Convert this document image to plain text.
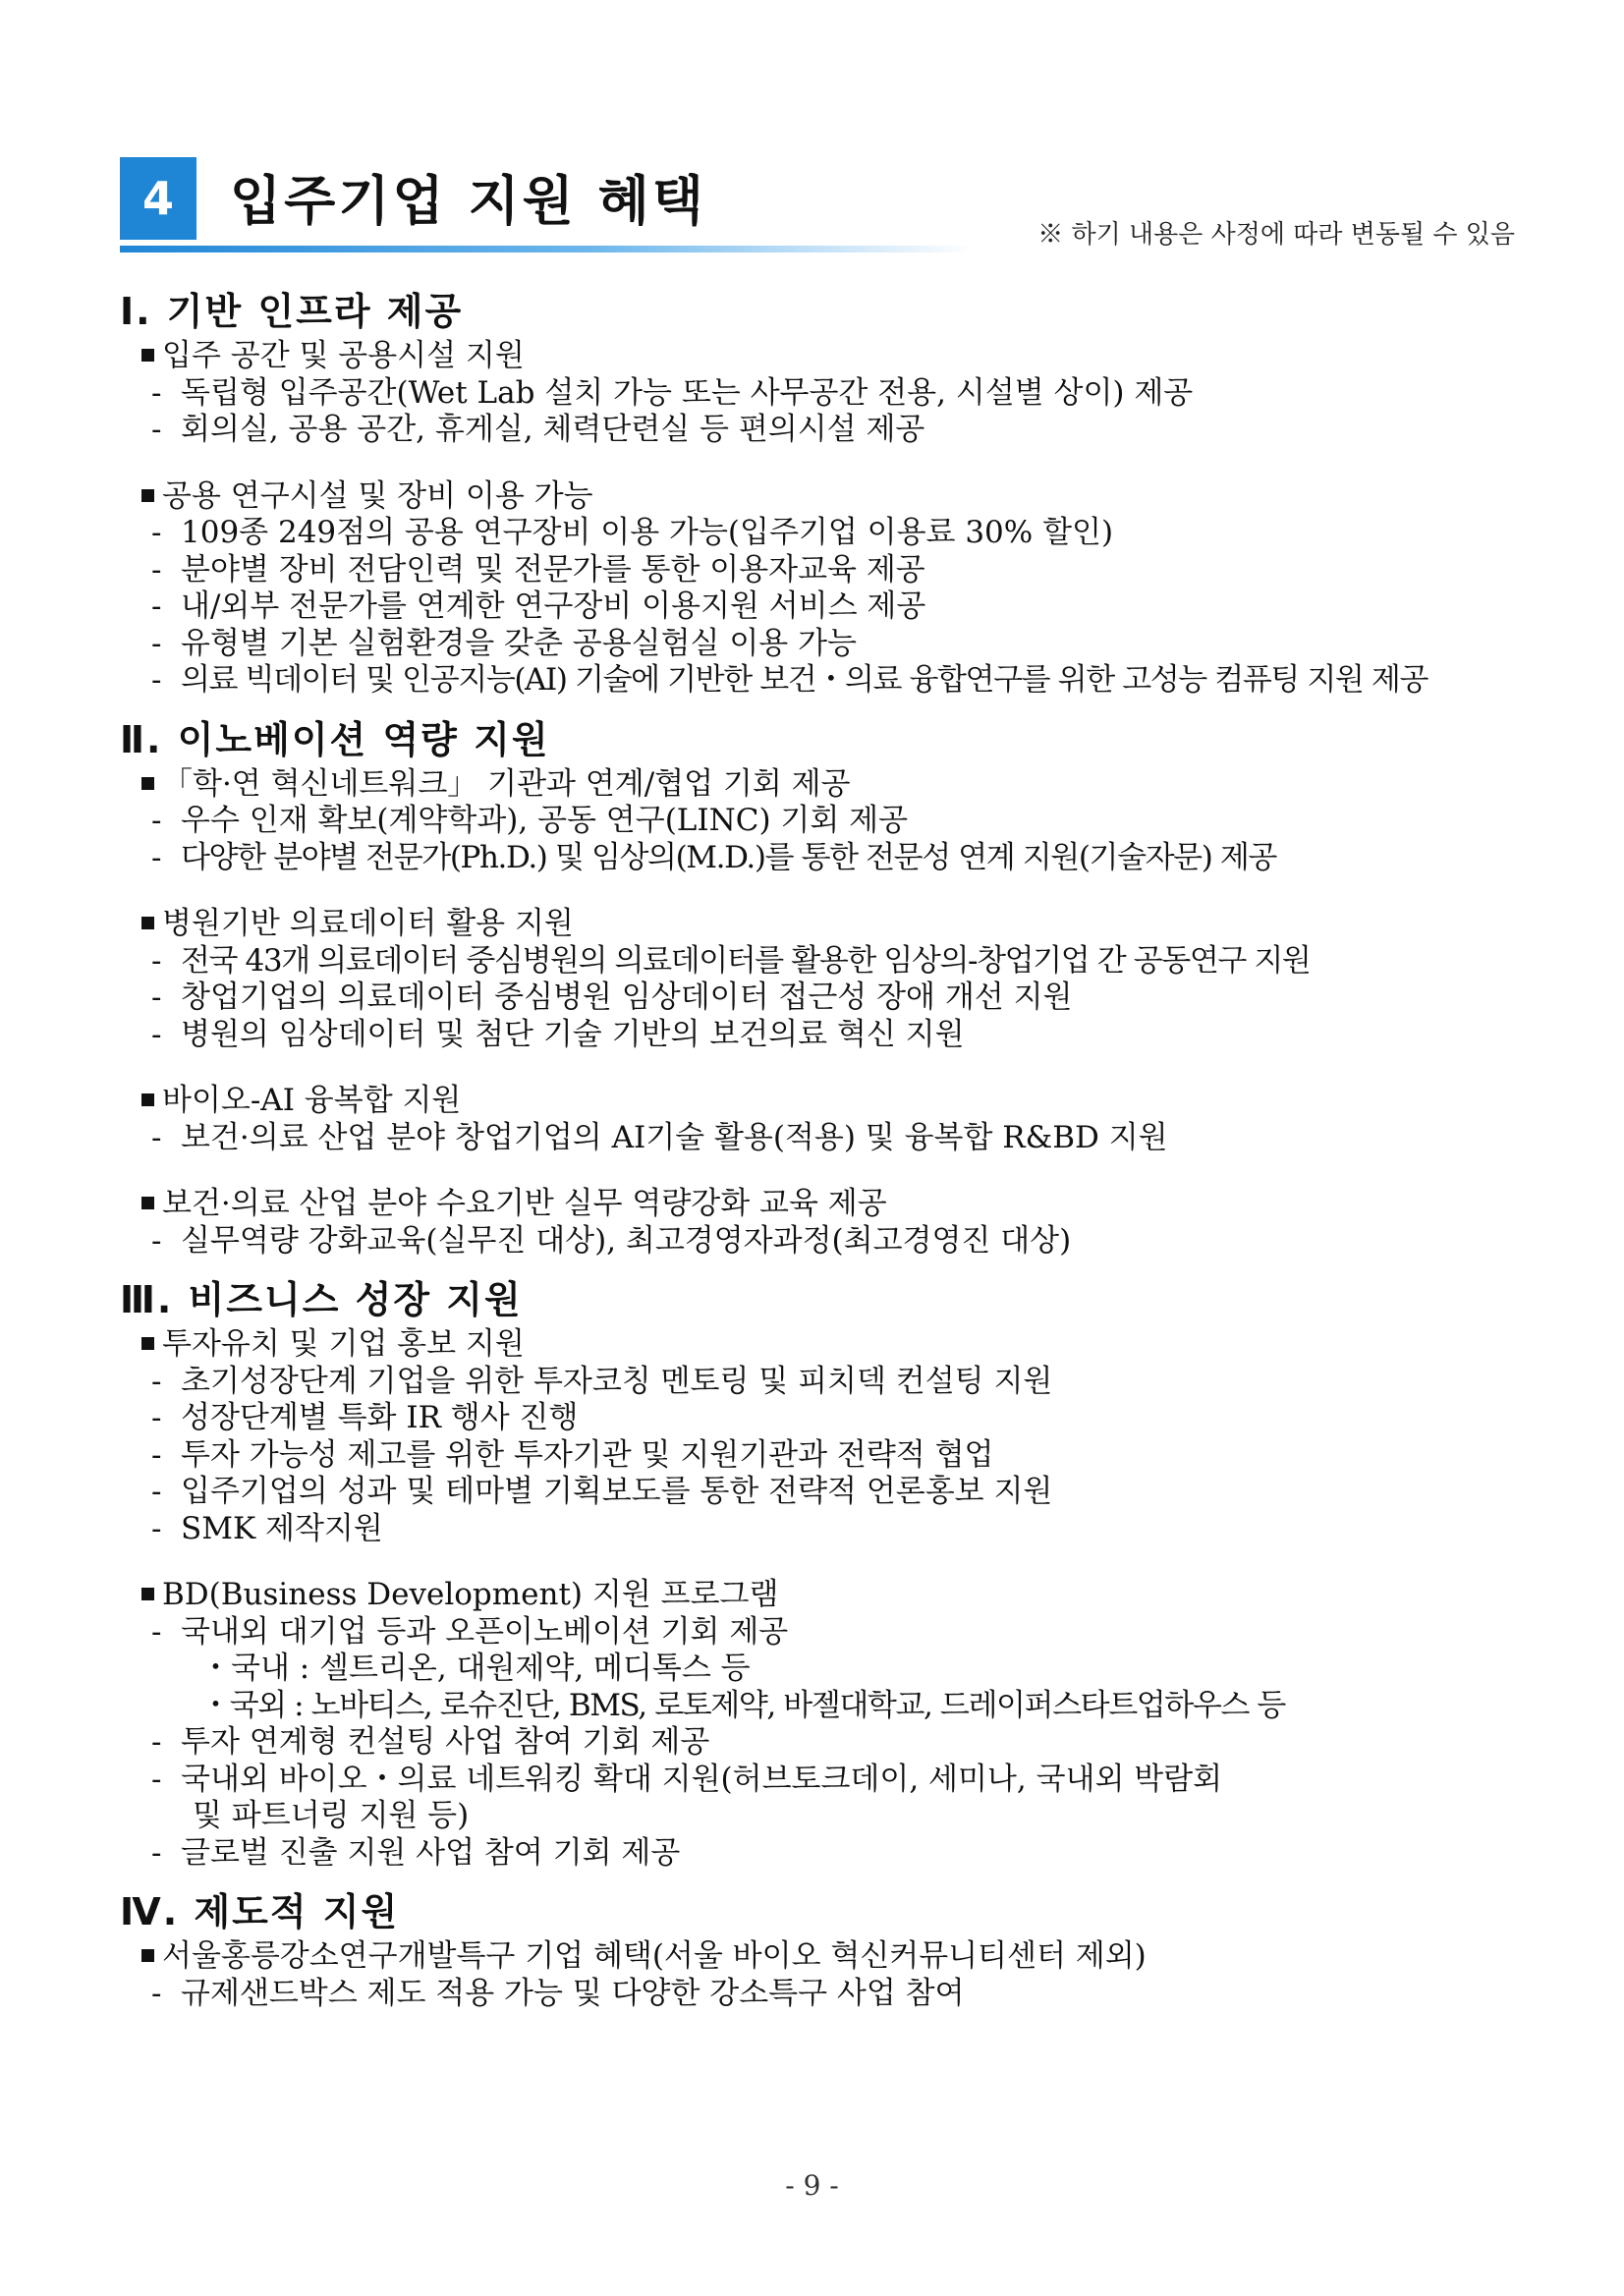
4	입주기업 지원 혜택
※ 하기 내용은 사정에 따라 변동될 수 있음
Ⅰ. 기반 인프라 제공
입주 공간 및 공용시설 지원
- 독립형 입주공간(Wet Lab 설치 가능 또는 사무공간 전용, 시설별 상이) 제공
- 회의실, 공용 공간, 휴게실, 체력단련실 등 편의시설 제공
공용 연구시설 및 장비 이용 가능
- 109종 249점의 공용 연구장비 이용 가능(입주기업 이용료 30% 할인)
- 분야별 장비 전담인력 및 전문가를 통한 이용자교육 제공
- 내/외부 전문가를 연계한 연구장비 이용지원 서비스 제공
- 유형별 기본 실험환경을 갖춘 공용실험실 이용 가능
- 의료 빅데이터 및 인공지능(AI) 기술에 기반한 보건・의료 융합연구를 위한 고성능 컴퓨팅 지원 제공
Ⅱ. 이노베이션 역량 지원
「학·연 혁신네트워크」 기관과 연계/협업 기회 제공
- 우수 인재 확보(계약학과), 공동 연구(LINC) 기회 제공
- 다양한 분야별 전문가(Ph.D.) 및 임상의(M.D.)를 통한 전문성 연계 지원(기술자문) 제공
병원기반 의료데이터 활용 지원
- 전국 43개 의료데이터 중심병원의 의료데이터를 활용한 임상의-창업기업 간 공동연구 지원
- 창업기업의 의료데이터 중심병원 임상데이터 접근성 장애 개선 지원
- 병원의 임상데이터 및 첨단 기술 기반의 보건의료 혁신 지원
바이오-AI 융복합 지원
- 보건·의료 산업 분야 창업기업의 AI기술 활용(적용) 및 융복합 R&BD 지원
보건·의료 산업 분야 수요기반 실무 역량강화 교육 제공
- 실무역량 강화교육(실무진 대상), 최고경영자과정(최고경영진 대상)
Ⅲ. 비즈니스 성장 지원
투자유치 및 기업 홍보 지원
- 초기성장단계 기업을 위한 투자코칭 멘토링 및 피치덱 컨설팅 지원
- 성장단계별 특화 IR 행사 진행
- 투자 가능성 제고를 위한 투자기관 및 지원기관과 전략적 협업
- 입주기업의 성과 및 테마별 기획보도를 통한 전략적 언론홍보 지원
- SMK 제작지원
BD(Business Development) 지원 프로그램
- 국내외 대기업 등과 오픈이노베이션 기회 제공
・국내 : 셀트리온, 대원제약, 메디톡스 등
・국외 : 노바티스, 로슈진단, BMS, 로토제약, 바젤대학교, 드레이퍼스타트업하우스 등
- 투자 연계형 컨설팅 사업 참여 기회 제공
- 국내외 바이오・의료 네트워킹 확대 지원(허브토크데이, 세미나, 국내외 박람회
및 파트너링 지원 등)
- 글로벌 진출 지원 사업 참여 기회 제공
Ⅳ. 제도적 지원
서울홍릉강소연구개발특구 기업 혜택(서울 바이오 혁신커뮤니티센터 제외)
- 규제샌드박스 제도 적용 가능 및 다양한 강소특구 사업 참여
- 9 -
